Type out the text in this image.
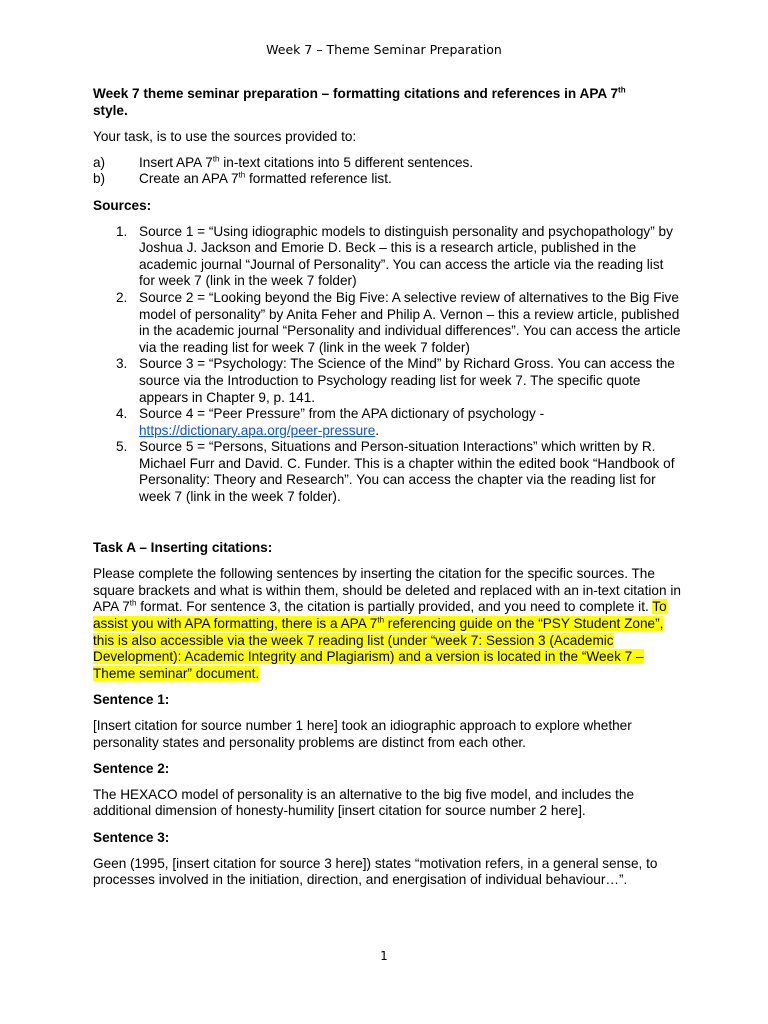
Week 7 – Theme Seminar Preparation

Week 7 theme seminar preparation – formatting citations and references in APA 7th
style.

Your task, is to use the sources provided to:

a) Insert APA 7th in-text citations into 5 different sentences.

b) Create an APA 7th formatted reference list.

Sources:

1. Source 1 = “Using idiographic models to distinguish personality and psychopathology” by Joshua J. Jackson and Emorie D. Beck – this is a research article, published in the academic journal “Journal of Personality”. You can access the article via the reading list for week 7 (link in the week 7 folder)

2. Source 2 = “Looking beyond the Big Five: A selective review of alternatives to the Big Five model of personality” by Anita Feher and Philip A. Vernon – this a review article, published in the academic journal “Personality and individual differences”. You can access the article via the reading list for week 7 (link in the week 7 folder)

3. Source 3 = “Psychology: The Science of the Mind” by Richard Gross. You can access the source via the Introduction to Psychology reading list for week 7. The specific quote appears in Chapter 9, p. 141.

4. Source 4 = “Peer Pressure” from the APA dictionary of psychology - https://dictionary.apa.org/peer-pressure.

5. Source 5 = “Persons, Situations and Person-situation Interactions” which written by R. Michael Furr and David. C. Funder. This is a chapter within the edited book “Handbook of Personality: Theory and Research”. You can access the chapter via the reading list for week 7 (link in the week 7 folder).

Task A – Inserting citations:

Please complete the following sentences by inserting the citation for the specific sources. The square brackets and what is within them, should be deleted and replaced with an in-text citation in APA 7th format. For sentence 3, the citation is partially provided, and you need to complete it. To assist you with APA formatting, there is a APA 7th referencing guide on the “PSY Student Zone”, this is also accessible via the week 7 reading list (under “week 7: Session 3 (Academic Development): Academic Integrity and Plagiarism) and a version is located in the “Week 7 – Theme seminar” document.

Sentence 1:

[Insert citation for source number 1 here] took an idiographic approach to explore whether personality states and personality problems are distinct from each other.

Sentence 2:

The HEXACO model of personality is an alternative to the big five model, and includes the additional dimension of honesty-humility [insert citation for source number 2 here].

Sentence 3:

Geen (1995, [insert citation for source 3 here]) states “motivation refers, in a general sense, to processes involved in the initiation, direction, and energisation of individual behaviour…”.

1
